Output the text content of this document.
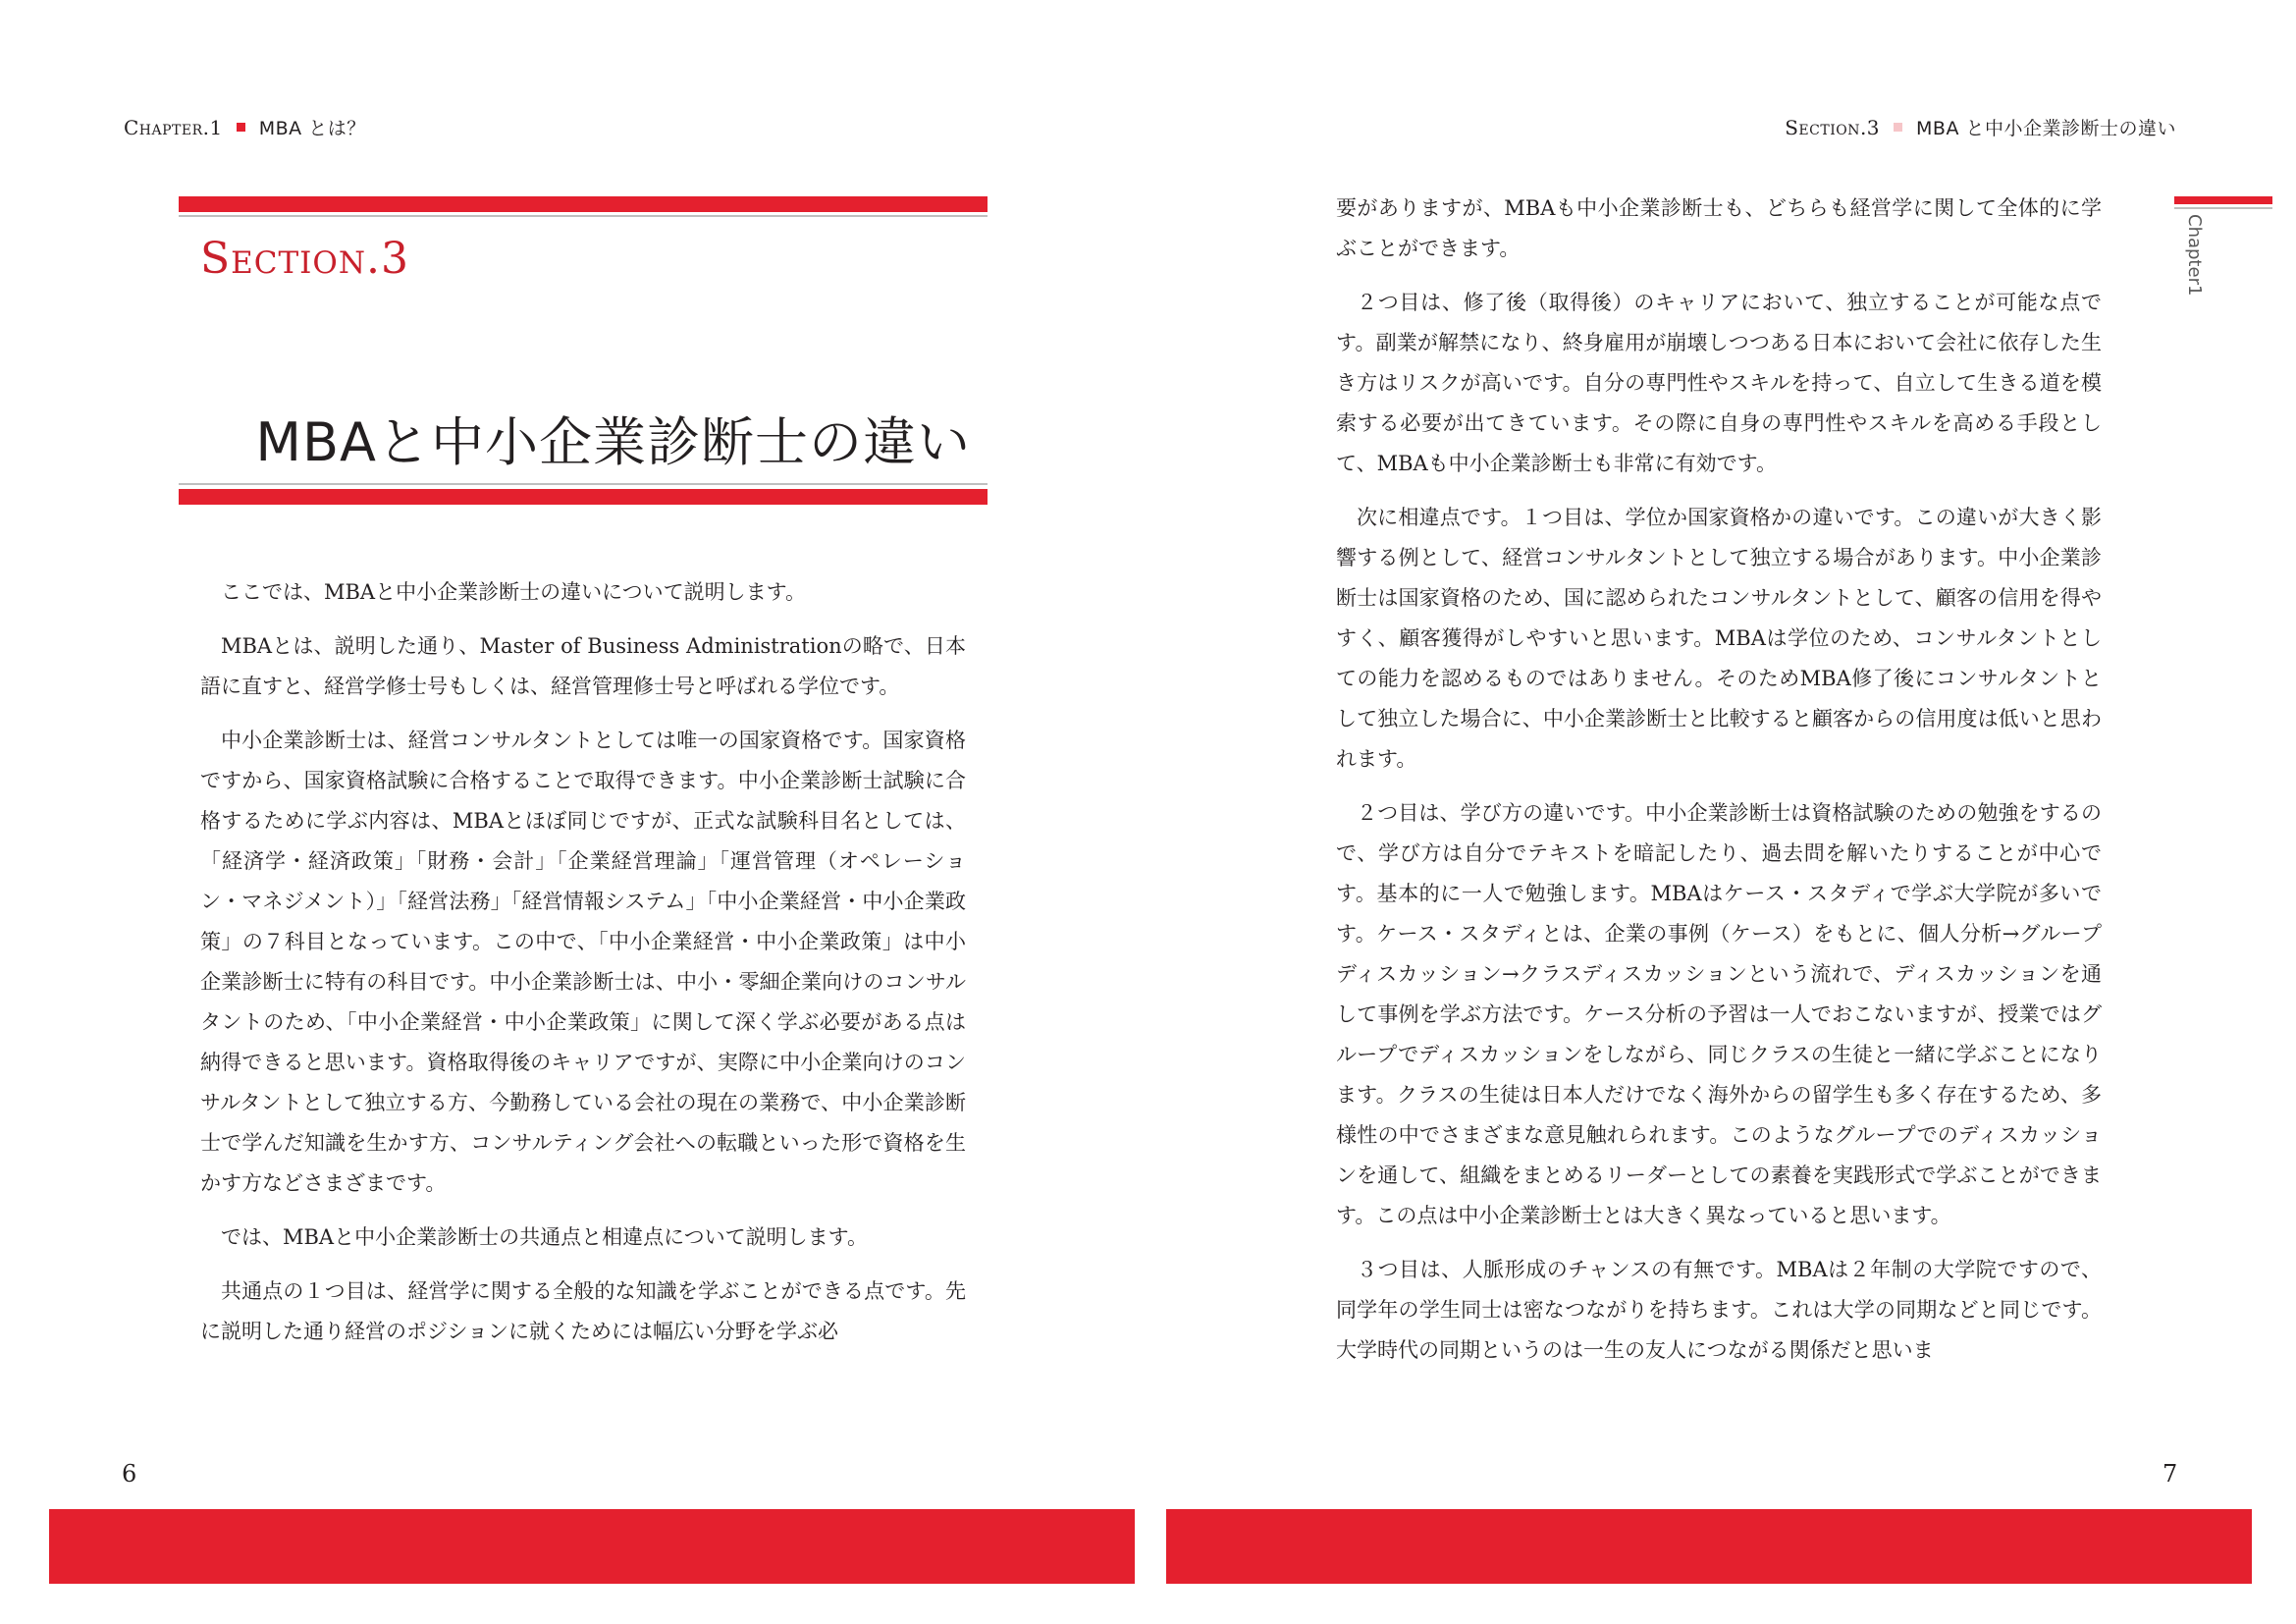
Chapter.1 MBA とは？
Section.3
MBAと中小企業診断士の違い

ここでは、MBAと中小企業診断士の違いについて説明します。

MBAとは、説明した通り、Master of Business Administrationの略で、日本語に直すと、経営学修士号もしくは、経営管理修士号と呼ばれる学位です。

中小企業診断士は、経営コンサルタントとしては唯一の国家資格です。国家資格ですから、国家資格試験に合格することで取得できます。中小企業診断士試験に合格するために学ぶ内容は、MBAとほぼ同じですが、正式な試験科目名としては、「経済学・経済政策」「財務・会計」「企業経営理論」「運営管理（オペレーション・マネジメント）」「経営法務」「経営情報システム」「中小企業経営・中小企業政策」の７科目となっています。この中で、「中小企業経営・中小企業政策」は中小企業診断士に特有の科目です。中小企業診断士は、中小・零細企業向けのコンサルタントのため、「中小企業経営・中小企業政策」に関して深く学ぶ必要がある点は納得できると思います。資格取得後のキャリアですが、実際に中小企業向けのコンサルタントとして独立する方、今勤務している会社の現在の業務で、中小企業診断士で学んだ知識を生かす方、コンサルティング会社への転職といった形で資格を生かす方などさまざまです。

では、MBAと中小企業診断士の共通点と相違点について説明します。

共通点の１つ目は、経営学に関する全般的な知識を学ぶことができる点です。先に説明した通り経営のポジションに就くためには幅広い分野を学ぶ必

6
Section.3 MBA と中小企業診断士の違い

要がありますが、MBAも中小企業診断士も、どちらも経営学に関して全体的に学ぶことができます。

２つ目は、修了後（取得後）のキャリアにおいて、独立することが可能な点です。副業が解禁になり、終身雇用が崩壊しつつある日本において会社に依存した生き方はリスクが高いです。自分の専門性やスキルを持って、自立して生きる道を模索する必要が出てきています。その際に自身の専門性やスキルを高める手段として、MBAも中小企業診断士も非常に有効です。

次に相違点です。１つ目は、学位か国家資格かの違いです。この違いが大きく影響する例として、経営コンサルタントとして独立する場合があります。中小企業診断士は国家資格のため、国に認められたコンサルタントとして、顧客の信用を得やすく、顧客獲得がしやすいと思います。MBAは学位のため、コンサルタントとしての能力を認めるものではありません。そのためMBA修了後にコンサルタントとして独立した場合に、中小企業診断士と比較すると顧客からの信用度は低いと思われます。

２つ目は、学び方の違いです。中小企業診断士は資格試験のための勉強をするので、学び方は自分でテキストを暗記したり、過去問を解いたりすることが中心です。基本的に一人で勉強します。MBAはケース・スタディで学ぶ大学院が多いです。ケース・スタディとは、企業の事例（ケース）をもとに、個人分析→グループディスカッション→クラスディスカッションという流れで、ディスカッションを通して事例を学ぶ方法です。ケース分析の予習は一人でおこないますが、授業ではグループでディスカッションをしながら、同じクラスの生徒と一緒に学ぶことになります。クラスの生徒は日本人だけでなく海外からの留学生も多く存在するため、多様性の中でさまざまな意見触れられます。このようなグループでのディスカッションを通して、組織をまとめるリーダーとしての素養を実践形式で学ぶことができます。この点は中小企業診断士とは大きく異なっていると思います。

３つ目は、人脈形成のチャンスの有無です。MBAは２年制の大学院ですので、同学年の学生同士は密なつながりを持ちます。これは大学の同期などと同じです。大学時代の同期というのは一生の友人につながる関係だと思いま

7
Chapter1
